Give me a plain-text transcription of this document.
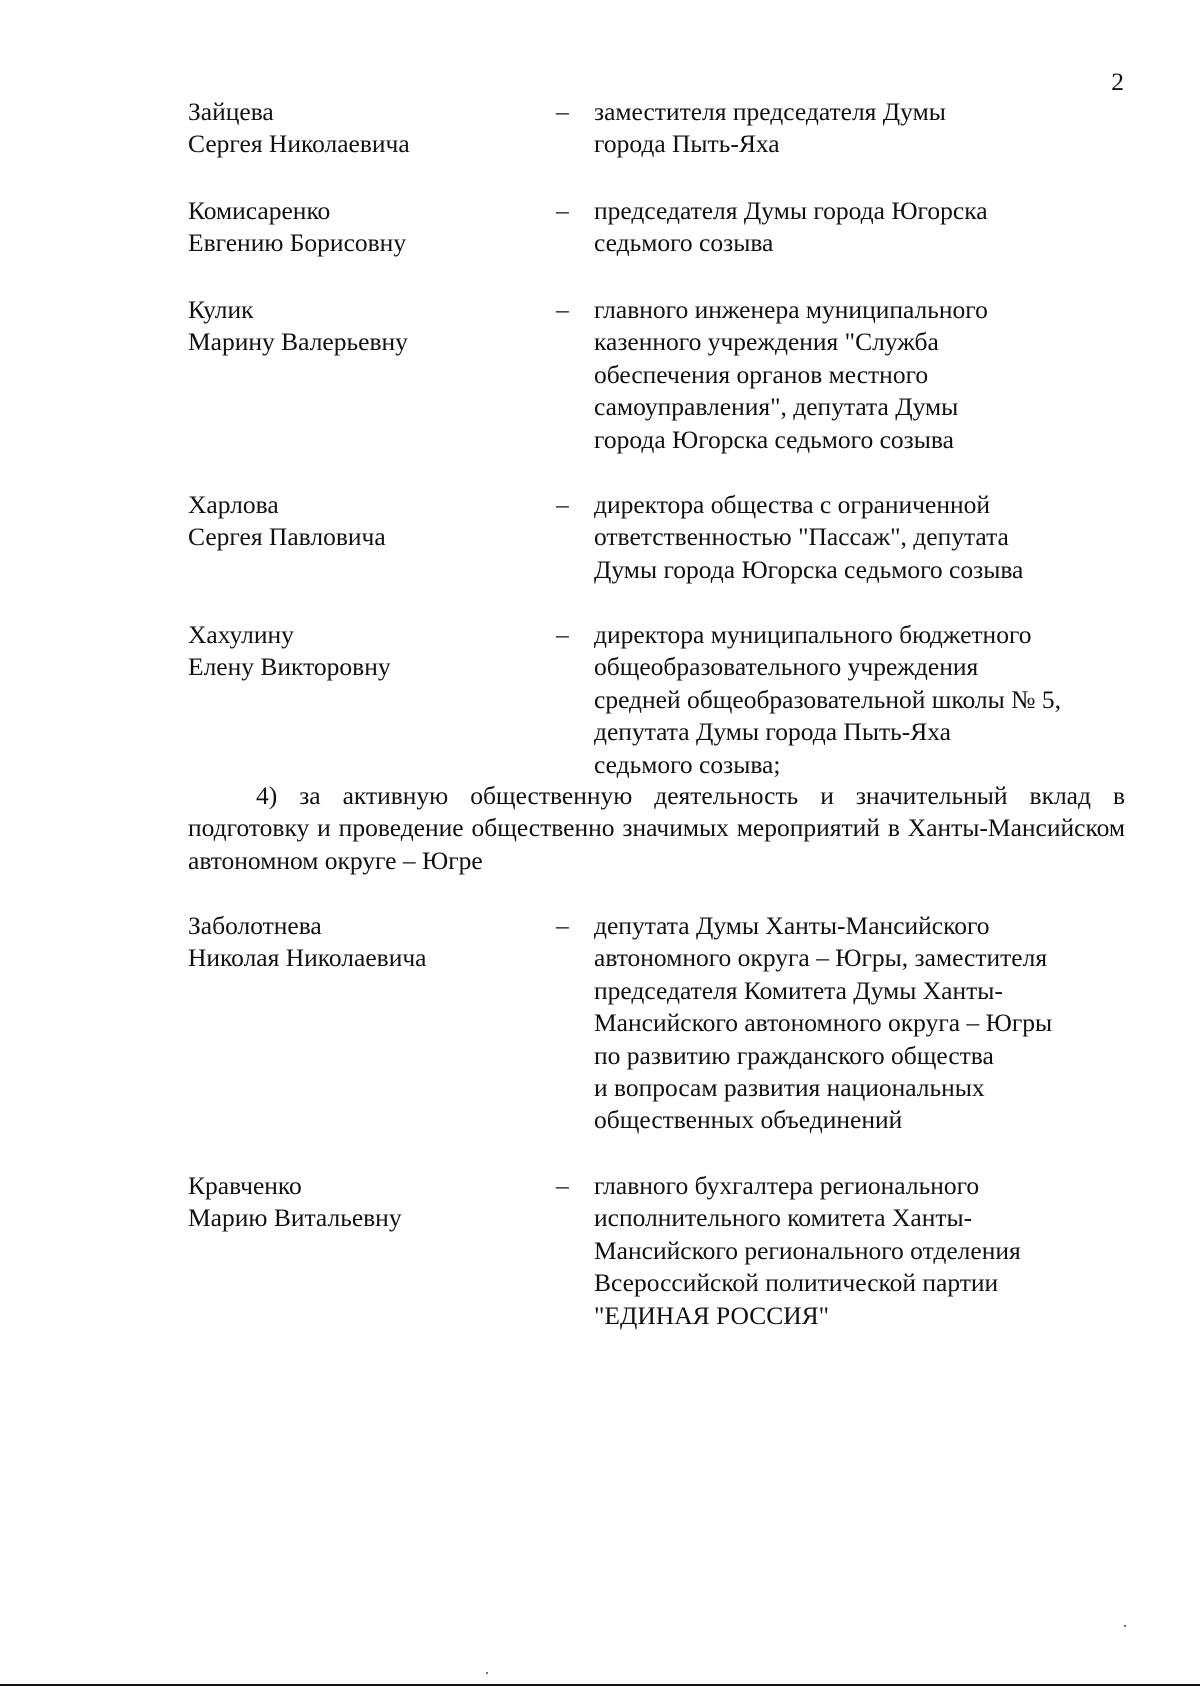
2
Зайцева
Сергея Николаевича
– заместителя председателя Думы
города Пыть-Яха
Комисаренко
Евгению Борисовну
– председателя Думы города Югорска
седьмого созыва
Кулик
Марину Валерьевну
– главного инженера муниципального
казенного учреждения "Служба
обеспечения органов местного
самоуправления", депутата Думы
города Югорска седьмого созыва
Харлова
Сергея Павловича
– директора общества с ограниченной
ответственностью "Пассаж", депутата
Думы города Югорска седьмого созыва
Хахулину
Елену Викторовну
– директора муниципального бюджетного
общеобразовательного учреждения
средней общеобразовательной школы № 5,
депутата Думы города Пыть-Яха
седьмого созыва;
4) за активную общественную деятельность и значительный вклад в подготовку и проведение общественно значимых мероприятий в Ханты-Мансийском автономном округе – Югре
Заболотнева
Николая Николаевича
– депутата Думы Ханты-Мансийского
автономного округа – Югры, заместителя
председателя Комитета Думы Ханты-
Мансийского автономного округа – Югры
по развитию гражданского общества
и вопросам развития национальных
общественных объединений
Кравченко
Марию Витальевну
– главного бухгалтера регионального
исполнительного комитета Ханты-
Мансийского регионального отделения
Всероссийской политической партии
"ЕДИНАЯ РОССИЯ"
